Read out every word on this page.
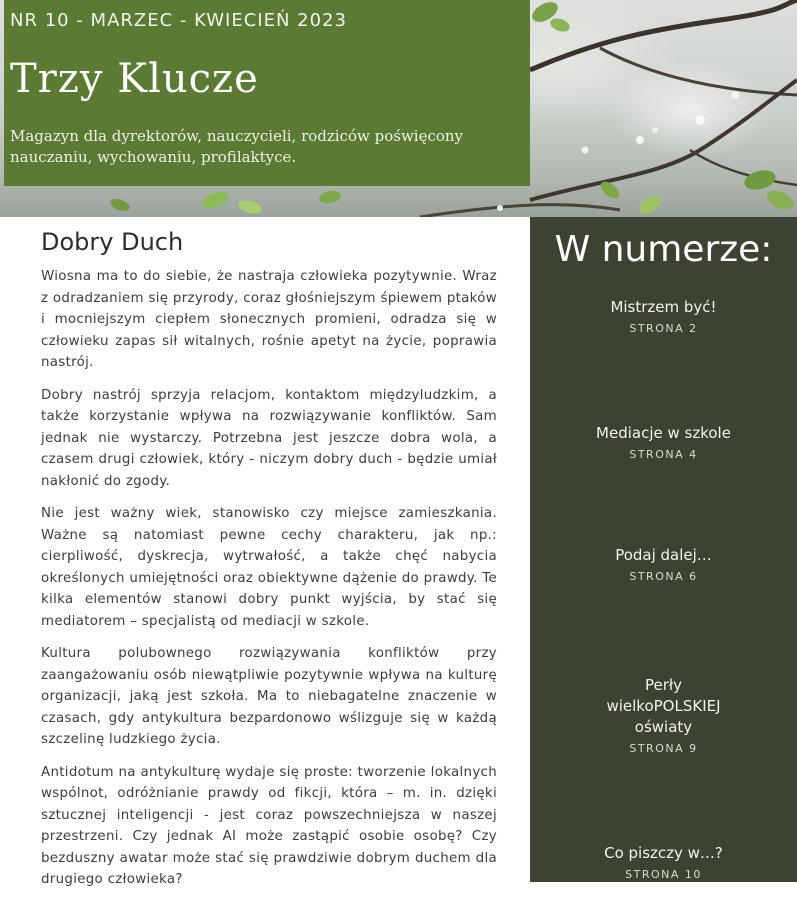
NR 10 - MARZEC - KWIECIEŃ 2023
Trzy Klucze
Magazyn dla dyrektorów, nauczycieli, rodziców poświęcony nauczaniu, wychowaniu, profilaktyce.
Dobry Duch

Wiosna ma to do siebie, że nastraja człowieka pozytywnie. Wraz z odradzaniem się przyrody, coraz głośniejszym śpiewem ptaków i mocniejszym ciepłem słonecznych promieni, odradza się w człowieku zapas sił witalnych, rośnie apetyt na życie, poprawia nastrój.

Dobry nastrój sprzyja relacjom, kontaktom międzyludzkim, a także korzystanie wpływa na rozwiązywanie konfliktów. Sam jednak nie wystarczy. Potrzebna jest jeszcze dobra wola, a czasem drugi człowiek, który - niczym dobry duch - będzie umiał nakłonić do zgody.

Nie jest ważny wiek, stanowisko czy miejsce zamieszkania. Ważne są natomiast pewne cechy charakteru, jak np.: cierpliwość, dyskrecja, wytrwałość, a także chęć nabycia określonych umiejętności oraz obiektywne dążenie do prawdy. Te kilka elementów stanowi dobry punkt wyjścia, by stać się mediatorem – specjalistą od mediacji w szkole.

Kultura polubownego rozwiązywania konfliktów przy zaangażowaniu osób niewątpliwie pozytywnie wpływa na kulturę organizacji, jaką jest szkoła. Ma to niebagatelne znaczenie w czasach, gdy antykultura bezpardonowo wślizguje się w każdą szczelinę ludzkiego życia.

Antidotum na antykulturę wydaje się proste: tworzenie lokalnych wspólnot, odróżnianie prawdy od fikcji, która – m. in. dzięki sztucznej inteligencji - jest coraz powszechniejsza w naszej przestrzeni. Czy jednak AI może zastąpić osobie osobę? Czy bezduszny awatar może stać się prawdziwie dobrym duchem dla drugiego człowieka?

W numerze:
Mistrzem być!
STRONA 2
Mediacje w szkole
STRONA 4
Podaj dalej…
STRONA 6
Perły wielkoPOLSKIEJ oświaty
STRONA 9
Co piszczy w…?
STRONA 10
